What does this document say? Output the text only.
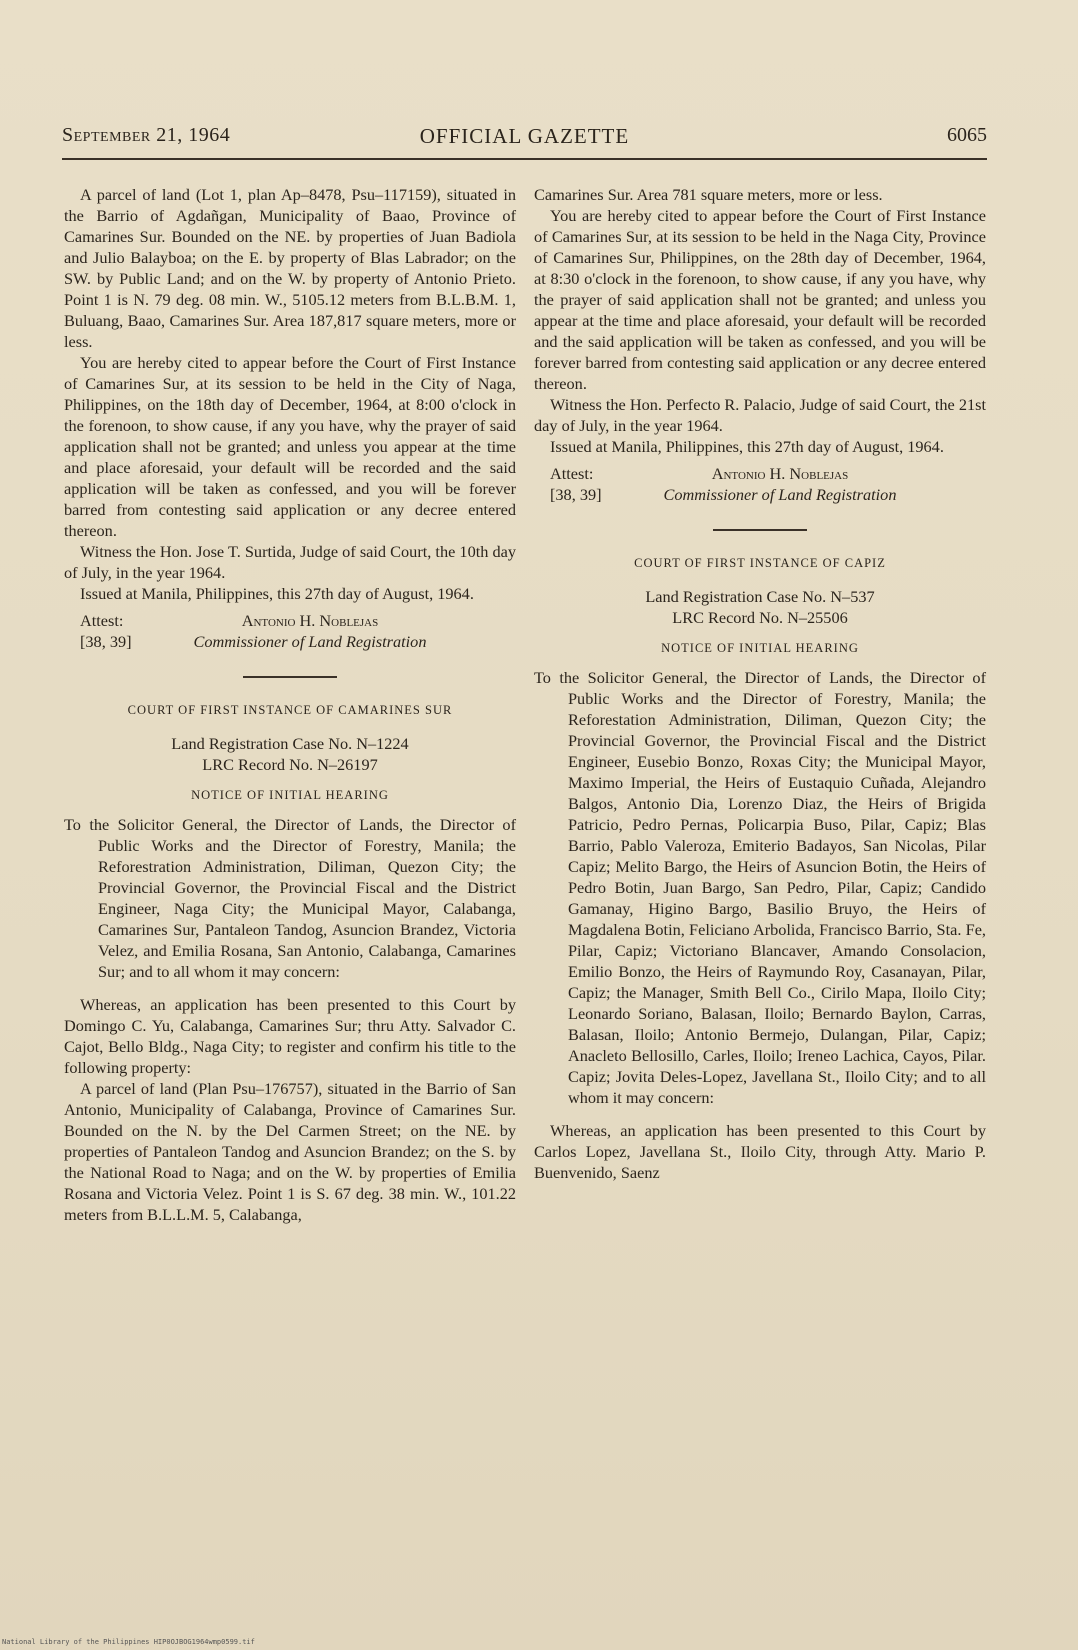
September 21, 1964	OFFICIAL GAZETTE	6065

A parcel of land (Lot 1, plan Ap–8478, Psu–117159), situated in the Barrio of Agdañgan, Municipality of Baao, Province of Camarines Sur. Bounded on the NE. by properties of Juan Badiola and Julio Balayboa; on the E. by property of Blas Labrador; on the SW. by Public Land; and on the W. by property of Antonio Prieto. Point 1 is N. 79 deg. 08 min. W., 5105.12 meters from B.L.B.M. 1, Buluang, Baao, Camarines Sur. Area 187,817 square meters, more or less.

You are hereby cited to appear before the Court of First Instance of Camarines Sur, at its session to be held in the City of Naga, Philippines, on the 18th day of December, 1964, at 8:00 o'clock in the forenoon, to show cause, if any you have, why the prayer of said application shall not be granted; and unless you appear at the time and place aforesaid, your default will be recorded and the said application will be taken as confessed, and you will be forever barred from contesting said application or any decree entered thereon.

Witness the Hon. Jose T. Surtida, Judge of said Court, the 10th day of July, in the year 1964.

Issued at Manila, Philippines, this 27th day of August, 1964.

Attest:	Antonio H. Noblejas
[38, 39]	Commissioner of Land Registration

COURT OF FIRST INSTANCE OF CAMARINES SUR

Land Registration Case No. N–1224

LRC Record No. N–26197

NOTICE OF INITIAL HEARING

To the Solicitor General, the Director of Lands, the Director of Public Works and the Director of Forestry, Manila; the Reforestration Administration, Diliman, Quezon City; the Provincial Governor, the Provincial Fiscal and the District Engineer, Naga City; the Municipal Mayor, Calabanga, Camarines Sur, Pantaleon Tandog, Asuncion Brandez, Victoria Velez, and Emilia Rosana, San Antonio, Calabanga, Camarines Sur; and to all whom it may concern:

Whereas, an application has been presented to this Court by Domingo C. Yu, Calabanga, Camarines Sur; thru Atty. Salvador C. Cajot, Bello Bldg., Naga City; to register and confirm his title to the following property:

A parcel of land (Plan Psu–176757), situated in the Barrio of San Antonio, Municipality of Calabanga, Province of Camarines Sur. Bounded on the N. by the Del Carmen Street; on the NE. by properties of Pantaleon Tandog and Asuncion Brandez; on the S. by the National Road to Naga; and on the W. by properties of Emilia Rosana and Victoria Velez. Point 1 is S. 67 deg. 38 min. W., 101.22 meters from B.L.L.M. 5, Calabanga,

Camarines Sur. Area 781 square meters, more or less.

You are hereby cited to appear before the Court of First Instance of Camarines Sur, at its session to be held in the Naga City, Province of Camarines Sur, Philippines, on the 28th day of December, 1964, at 8:30 o'clock in the forenoon, to show cause, if any you have, why the prayer of said application shall not be granted; and unless you appear at the time and place aforesaid, your default will be recorded and the said application will be taken as confessed, and you will be forever barred from contesting said application or any decree entered thereon.

Witness the Hon. Perfecto R. Palacio, Judge of said Court, the 21st day of July, in the year 1964.

Issued at Manila, Philippines, this 27th day of August, 1964.

Attest:	Antonio H. Noblejas
[38, 39]	Commissioner of Land Registration

COURT OF FIRST INSTANCE OF CAPIZ

Land Registration Case No. N–537

LRC Record No. N–25506

NOTICE OF INITIAL HEARING

To the Solicitor General, the Director of Lands, the Director of Public Works and the Director of Forestry, Manila; the Reforestation Administration, Diliman, Quezon City; the Provincial Governor, the Provincial Fiscal and the District Engineer, Eusebio Bonzo, Roxas City; the Municipal Mayor, Maximo Imperial, the Heirs of Eustaquio Cuñada, Alejandro Balgos, Antonio Dia, Lorenzo Diaz, the Heirs of Brigida Patricio, Pedro Pernas, Policarpia Buso, Pilar, Capiz; Blas Barrio, Pablo Valeroza, Emiterio Badayos, San Nicolas, Pilar Capiz; Melito Bargo, the Heirs of Asuncion Botin, the Heirs of Pedro Botin, Juan Bargo, San Pedro, Pilar, Capiz; Candido Gamanay, Higino Bargo, Basilio Bruyo, the Heirs of Magdalena Botin, Feliciano Arbolida, Francisco Barrio, Sta. Fe, Pilar, Capiz; Victoriano Blancaver, Amando Consolacion, Emilio Bonzo, the Heirs of Raymundo Roy, Casanayan, Pilar, Capiz; the Manager, Smith Bell Co., Cirilo Mapa, Iloilo City; Leonardo Soriano, Balasan, Iloilo; Bernardo Baylon, Carras, Balasan, Iloilo; Antonio Bermejo, Dulangan, Pilar, Capiz; Anacleto Bellosillo, Carles, Iloilo; Ireneo Lachica, Cayos, Pilar. Capiz; Jovita Deles-Lopez, Javellana St., Iloilo City; and to all whom it may concern:

Whereas, an application has been presented to this Court by Carlos Lopez, Javellana St., Iloilo City, through Atty. Mario P. Buenvenido, Saenz

National Library of the Philippines HIP0OJBOG1964wmp0599.tif
